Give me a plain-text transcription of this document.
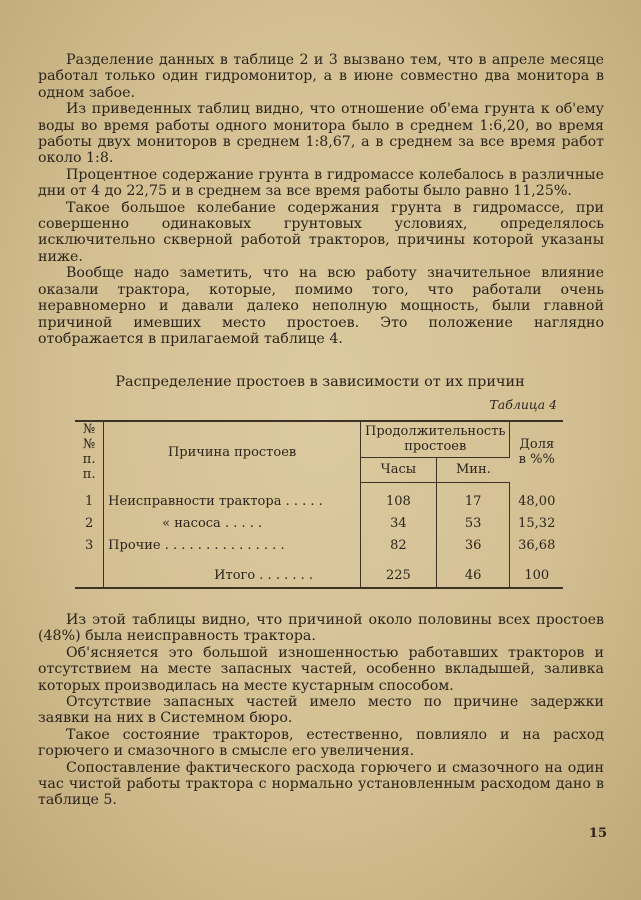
Разделение данных в таблице 2 и 3 вызвано тем, что в апреле месяце работал только один гидромонитор, а в июне совместно два монитора в одном забое.

Из приведенных таблиц видно, что отношение об'ема грунта к об'ему воды во время работы одного монитора было в среднем 1:6,20, во время работы двух мониторов в среднем 1:8,67, а в среднем за все время работ около 1:8.

Процентное содержание грунта в гидромассе колебалось в различные дни от 4 до 22,75 и в среднем за все время работы было равно 11,25%.

Такое большое колебание содержания грунта в гидромассе, при совершенно одинаковых грунтовых условиях, определялось исключительно скверной работой тракторов, причины которой указаны ниже.

Вообще надо заметить, что на всю работу значительное влияние оказали трактора, которые, помимо того, что работали очень неравномерно и давали далеко неполную мощность, были главной причиной имевших место простоев. Это положение наглядно отображается в прилагаемой таблице 4.

Распределение простоев в зависимости от их причин
Таблица 4
№№ п. п.	Причина простоев	Продолжительность простоев		Доля в %%
		Часы	Мин.	
1	Неисправности трактора . . . . .	108	17	48,00
2	« насоса . . . . .	34	53	15,32
3	Прочие . . . . . . . . . . . . . . .	82	36	36,68
	Итого . . . . . . .	225	46	100

Из этой таблицы видно, что причиной около половины всех простоев (48%) была неисправность трактора.

Об'ясняется это большой изношенностью работавших тракторов и отсутствием на месте запасных частей, особенно вкладышей, заливка которых производилась на месте кустарным способом.

Отсутствие запасных частей имело место по причине задержки заявки на них в Системном бюро.

Такое состояние тракторов, естественно, повлияло и на расход горючего и смазочного в смысле его увеличения.

Сопоставление фактического расхода горючего и смазочного на один час чистой работы трактора с нормально установленным расходом дано в таблице 5.

15
